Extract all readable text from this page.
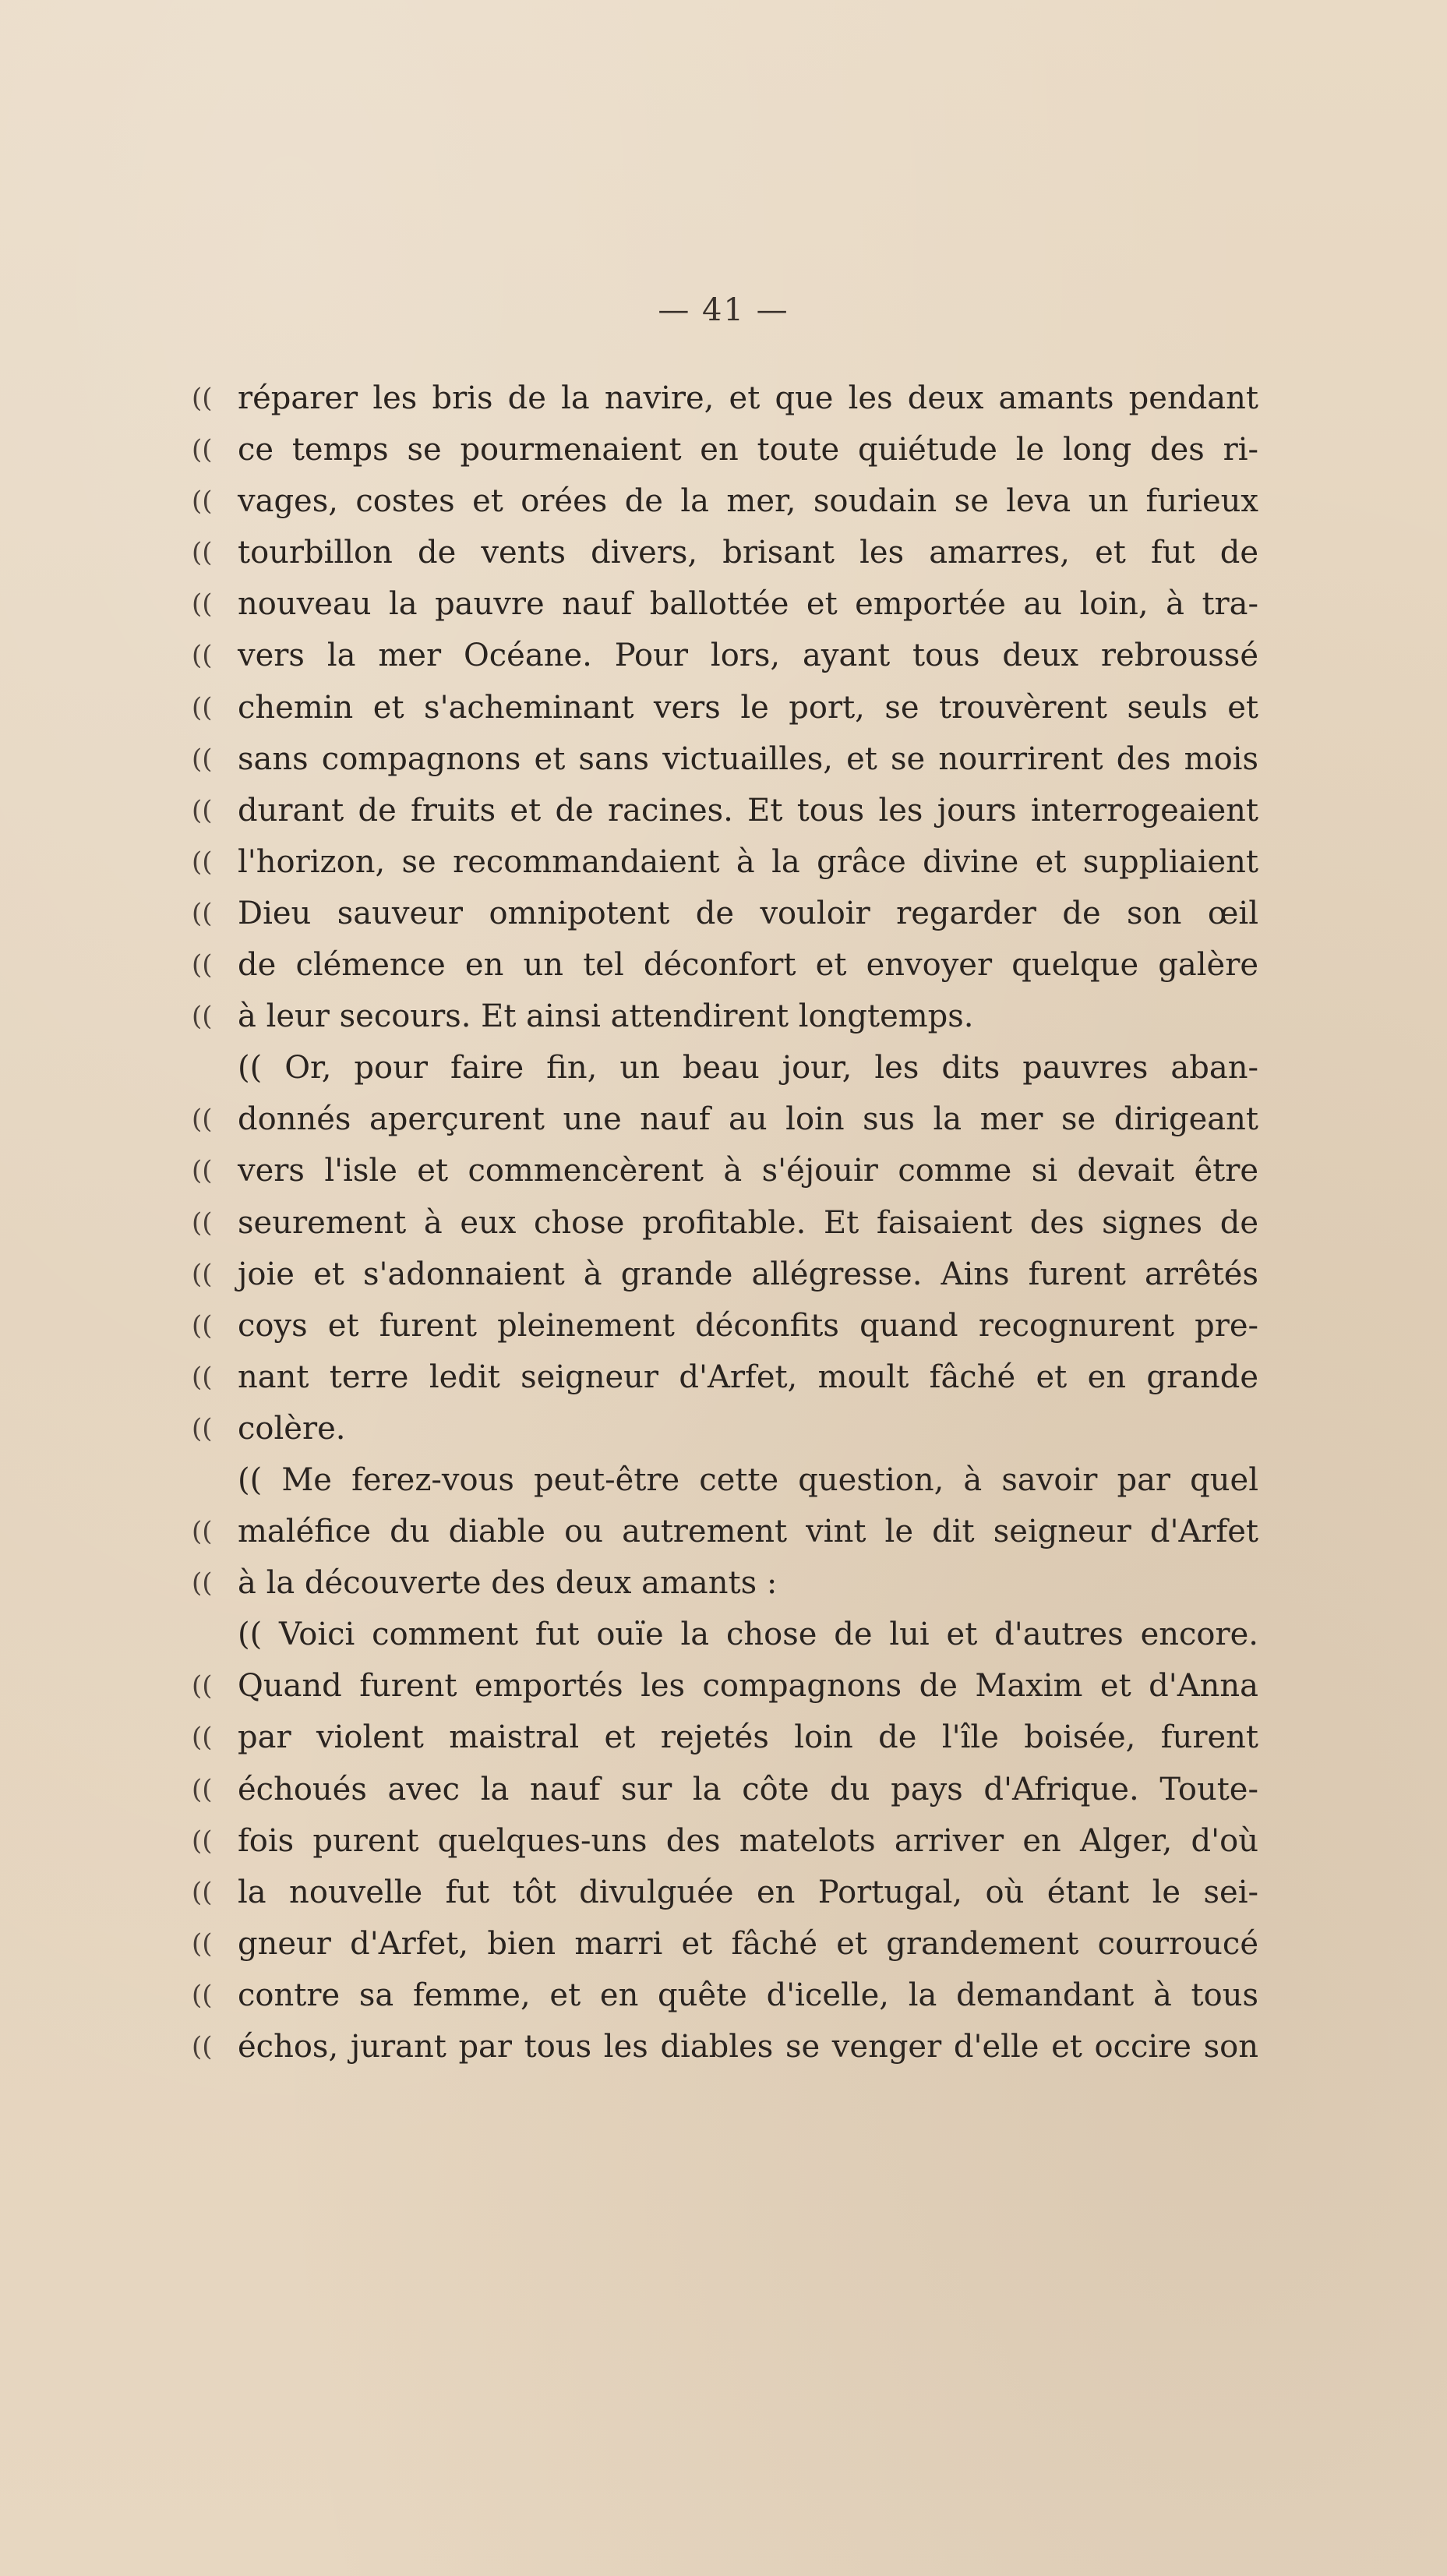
— 41 —
(( réparer les bris de la navire, et que les deux amants pendant
(( ce temps se pourmenaient en toute quiétude le long des ri-
(( vages, costes et orées de la mer, soudain se leva un furieux
(( tourbillon de vents divers, brisant les amarres, et fut de
(( nouveau la pauvre nauf ballottée et emportée au loin, à tra-
(( vers la mer Océane. Pour lors, ayant tous deux rebroussé
(( chemin et s'acheminant vers le port, se trouvèrent seuls et
(( sans compagnons et sans victuailles, et se nourrirent des mois
(( durant de fruits et de racines. Et tous les jours interrogeaient
(( l'horizon, se recommandaient à la grâce divine et suppliaient
(( Dieu sauveur omnipotent de vouloir regarder de son œil
(( de clémence en un tel déconfort et envoyer quelque galère
(( à leur secours. Et ainsi attendirent longtemps.
(( Or, pour faire fin, un beau jour, les dits pauvres aban-
(( donnés aperçurent une nauf au loin sus la mer se dirigeant
(( vers l'isle et commencèrent à s'éjouir comme si devait être
(( seurement à eux chose profitable. Et faisaient des signes de
(( joie et s'adonnaient à grande allégresse. Ains furent arrêtés
(( coys et furent pleinement déconfits quand recognurent pre-
(( nant terre ledit seigneur d'Arfet, moult fâché et en grande
(( colère.
(( Me ferez-vous peut-être cette question, à savoir par quel
(( maléfice du diable ou autrement vint le dit seigneur d'Arfet
(( à la découverte des deux amants :
(( Voici comment fut ouïe la chose de lui et d'autres encore.
(( Quand furent emportés les compagnons de Maxim et d'Anna
(( par violent maistral et rejetés loin de l'île boisée, furent
(( échoués avec la nauf sur la côte du pays d'Afrique. Toute-
(( fois purent quelques-uns des matelots arriver en Alger, d'où
(( la nouvelle fut tôt divulguée en Portugal, où étant le sei-
(( gneur d'Arfet, bien marri et fâché et grandement courroucé
(( contre sa femme, et en quête d'icelle, la demandant à tous
(( échos, jurant par tous les diables se venger d'elle et occire son
